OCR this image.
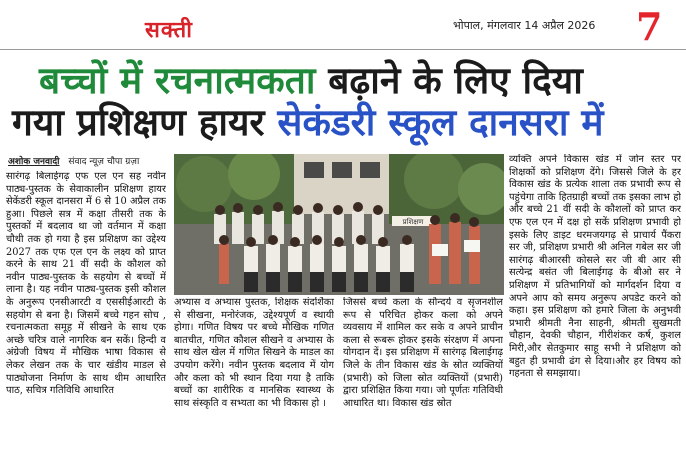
सक्ती	भोपाल, मंगलवार 14 अप्रैल 2026 7
बच्चों में रचनात्मकता बढ़ाने के लिए दिया
गया प्रशिक्षण हायर सेकंडरी स्कूल दानसरा में
अशोक जनवादी संवाद न्यूज़ चौपा ग्रज़ा
सारंगढ़ बिलाईगढ़ एफ एल एन सह नवीन पाठ्य-पुस्तक के सेवाकालीन प्रशिक्षण हायर सेकेंडरी स्कूल दानसरा में 6 से 10 अप्रैल तक हुआ। पिछले सत्र में कक्षा तीसरी तक के पुस्तकों में बदलाव था जो वर्तमान में कक्षा चौथी तक हो गया है इस प्रशिक्षण का उद्देश्य 2027 तक एफ एल एन के लक्ष्य को प्राप्त करने के साथ 21 वीं सदी के कौशल को नवीन पाठ्य-पुस्तक के सहयोग से बच्चों में लाना है। यह नवीन पाठ्य-पुस्तक इसी कौशल के अनुरूप एनसीआरटी व एससीईआरटी के सहयोग से बना है। जिसमें बच्चे गहन सोच , रचनात्मकता समूह में सीखने के साथ एक अच्छे चरित्र वाले नागरिक बन सकें। हिन्दी व अंग्रेजी विषय में मौखिक भाषा विकास से लेकर लेखन तक के चार खंडीय माडल से पाठ्योजना निर्माण के साथ थीम आधारित पाठ, सचित्र गतिविधि आधारित
प्रशिक्षण
अभ्यास व अभ्यास पुस्तक, शिक्षक संदर्शिका से सीखना, मनोरंजक, उद्देश्यपूर्ण व स्थायी होगा। गणित विषय पर बच्चे मौखिक गणित बातचीत, गणित कौशल सीखने व अभ्यास के साथ खेल खेल में गणित सिखने के माडल का उपयोग करेंगे। नवीन पुस्तक बदलाव में योग और कला को भी स्थान दिया गया है ताकि बच्चों का शारीरिक व मानसिक स्वास्थ्य के साथ संस्कृति व सभ्यता का भी विकास हो ।
जिससे बच्चे कला के सौन्दर्य व सृजनशील रूप से परिचित होकर कला को अपने व्यवसाय में शामिल कर सके व अपने प्राचीन कला से रूबरू होकर इसके संरक्षण में अपना योगदान दें। इस प्रशिक्षण में सारंगढ़ बिलाईगढ़ जिले के तीन विकास खंड के स्रोत व्यक्तियों (प्रभारी) को जिला स्रोत व्यक्तियों (प्रभारी) द्वारा प्रशिक्षित किया गया। जो पूर्णतः गतिविधी आधारित था। विकास खंड स्रोत
व्यक्ति अपने विकास खंड में जोन स्तर पर शिक्षकों को प्रशिक्षण देंगे। जिससे जिले के हर विकास खंड के प्रत्येक शाला तक प्रभावी रूप से पहुंचेगा ताकि हितग्राही बच्चों तक इसका लाभ हो और बच्चे 21 वीं सदी के कौशलों को प्राप्त कर एफ एल एन में दक्ष हो सकें प्रशिक्षण प्रभावी हो इसके लिए डाइट धरमजयगढ़ से प्राचार्य पैंकरा सर जी, प्रशिक्षण प्रभारी श्री अनिल गबेल सर जी सारंगढ़ बीआरसी कोसले सर जी बी आर सी सत्येन्द्र बसंत जी बिलाईगढ़ के बीओ सर ने प्रशिक्षण में प्रतिभागियों को मार्गदर्शन दिया व अपने आप को समय अनुरूप अपडेट करने को कहा। इस प्रशिक्षण को हमारे जिला के अनुभवी प्रभारी श्रीमती नैना साहनी, श्रीमती सुखमती चौहान, देवकी चौहान, गीरीशंकर कर्ष, कुशल मिरी,और सेतकुमार साहू सभी ने प्रशिक्षण को बहुत ही प्रभावी ढंग से दिया।और हर विषय को गहनता से समझाया।
